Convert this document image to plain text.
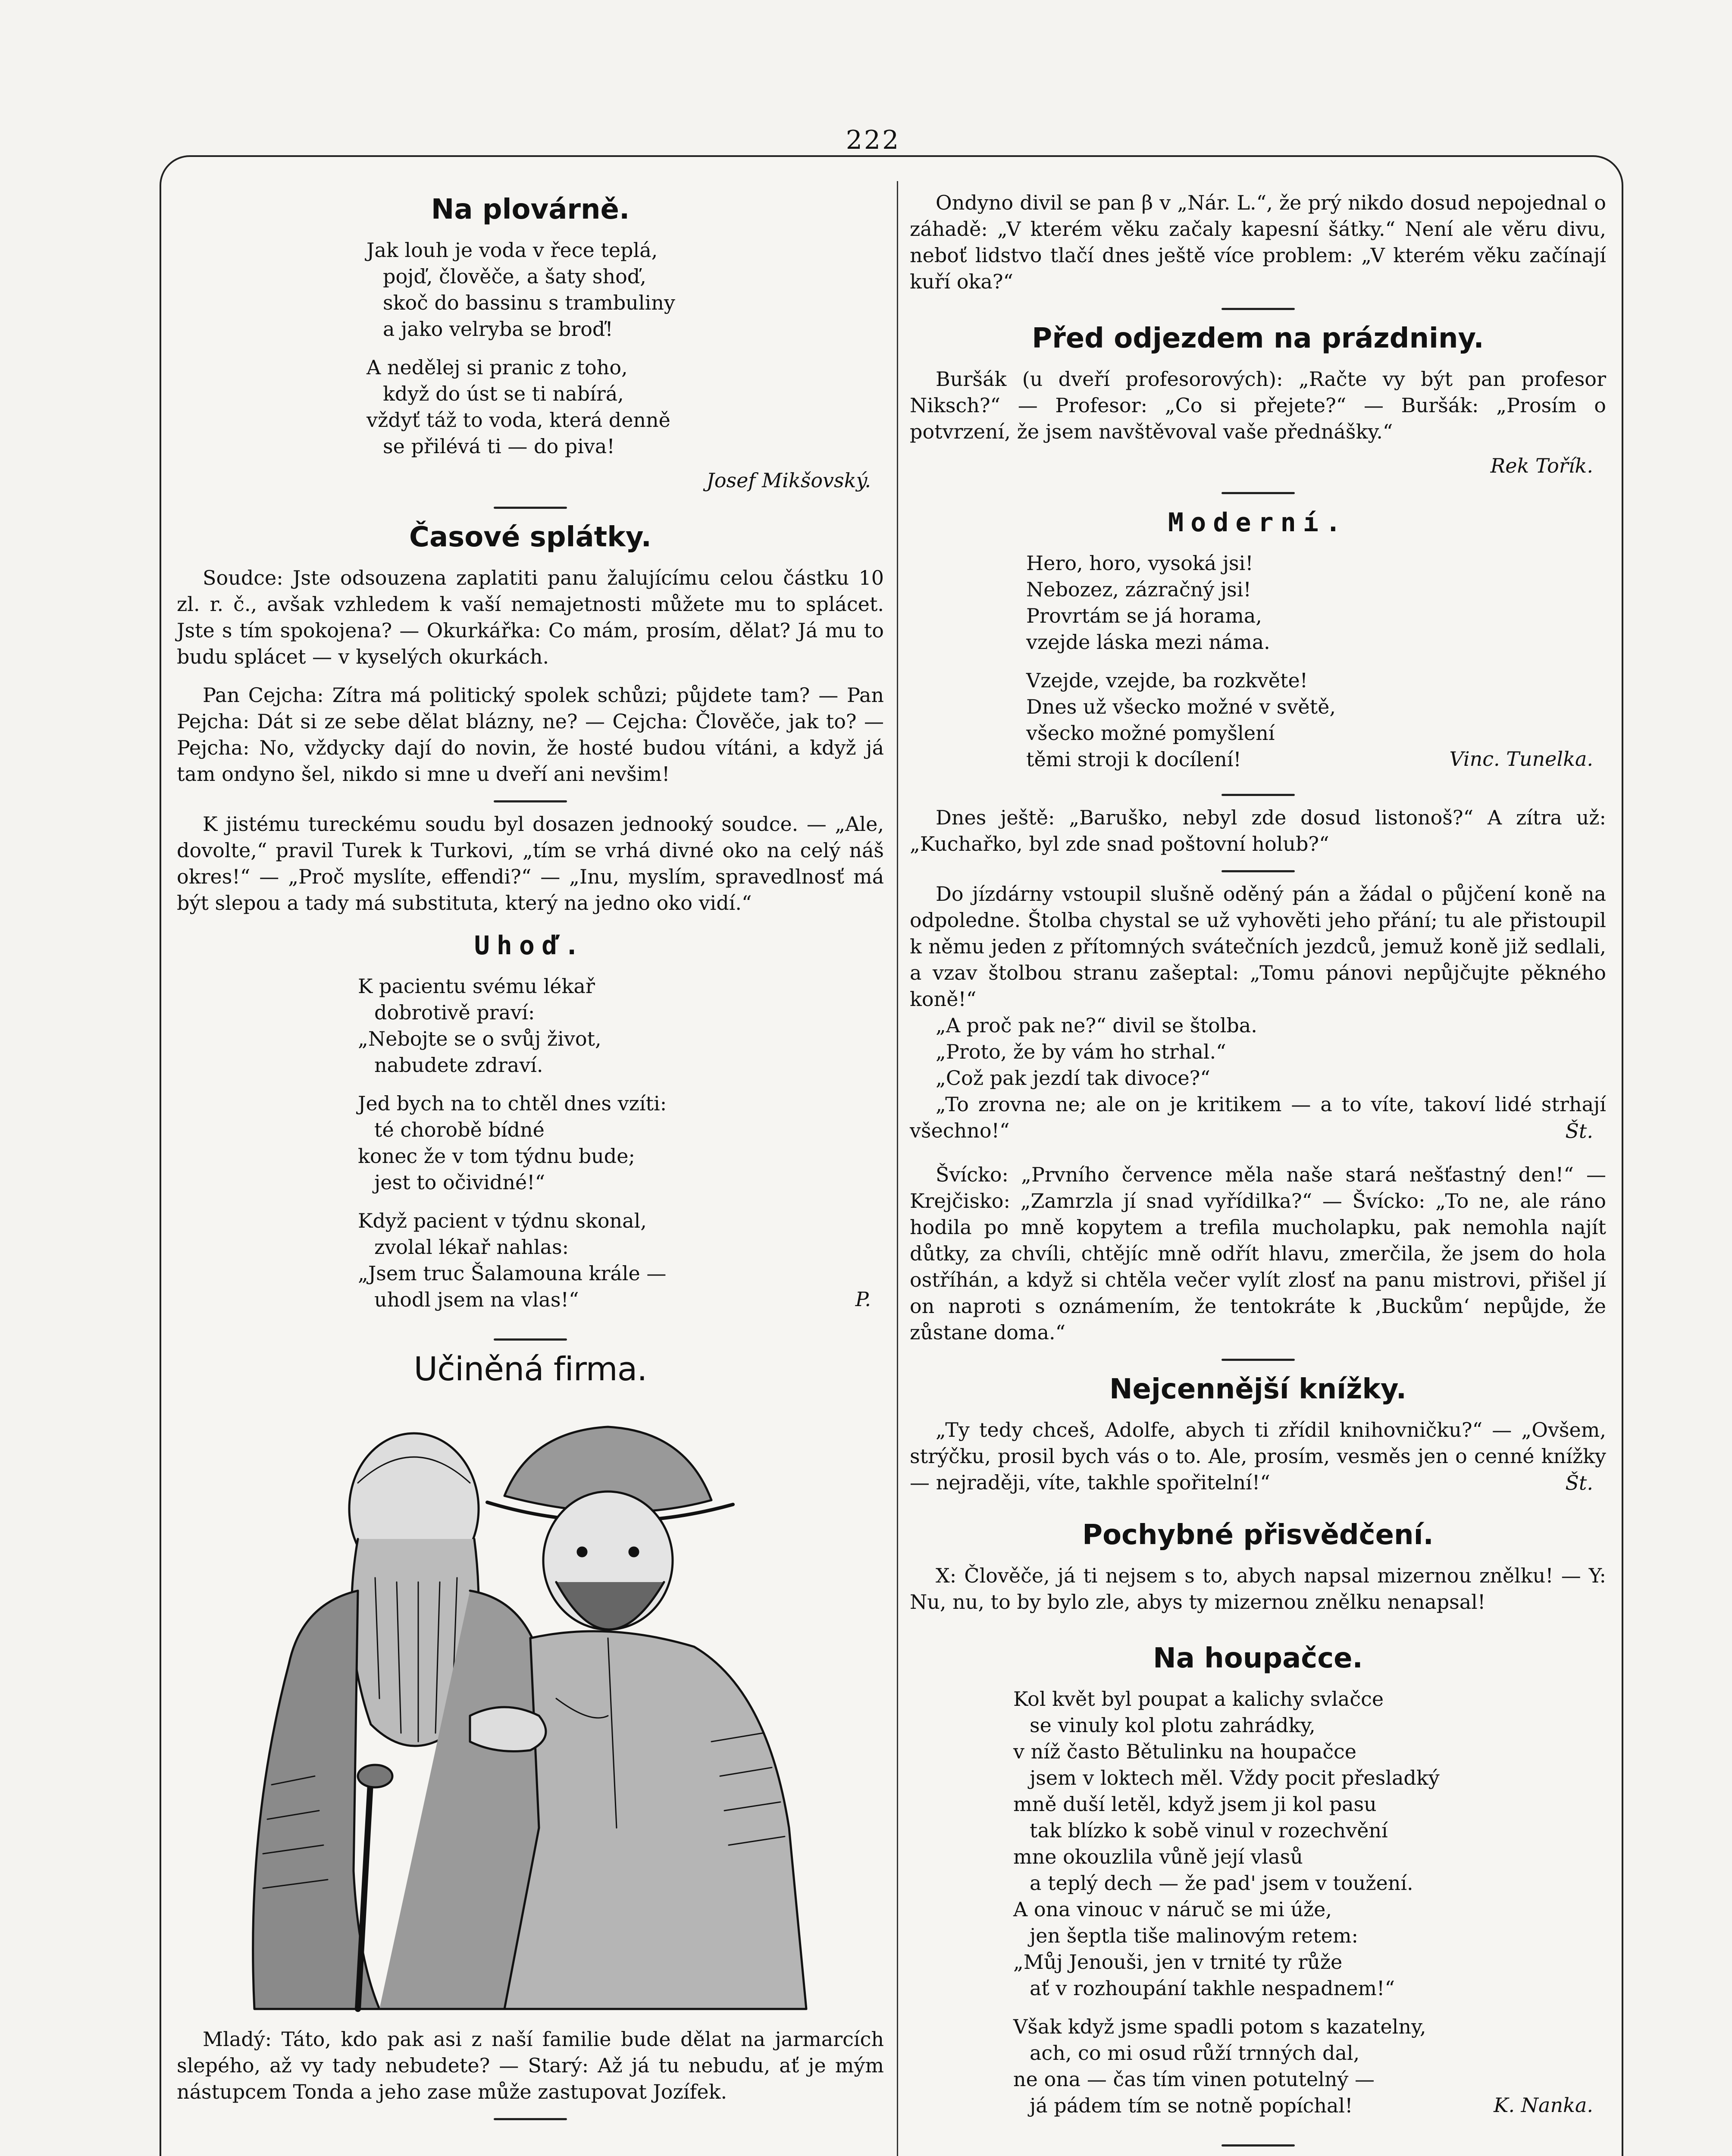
222
Na plovárně.
Jak louh je voda v řece teplá,
pojď, člověče, a šaty shoď,
skoč do bassinu s trambuliny
a jako velryba se broď!
A nedělej si pranic z toho,
když do úst se ti nabírá,
vždyť táž to voda, která denně
se přilévá ti — do piva!
Josef Mikšovský.
Časové splátky.

Soudce: Jste odsouzena zaplatiti panu žalujícímu celou částku 10 zl. r. č., avšak vzhledem k vaší nemajetnosti můžete mu to splácet. Jste s tím spokojena? — Okurkářka: Co mám, prosím, dělat? Já mu to budu splácet — v kyselých okurkách.

Pan Cejcha: Zítra má politický spolek schůzi; půjdete tam? — Pan Pejcha: Dát si ze sebe dělat blázny, ne? — Cejcha: Člověče, jak to? — Pejcha: No, vždycky dají do novin, že hosté budou vítáni, a když já tam ondyno šel, nikdo si mne u dveří ani nevšim!

K jistému tureckému soudu byl dosazen jednooký soudce. — „Ale, dovolte,“ pravil Turek k Turkovi, „tím se vrhá divné oko na celý náš okres!“ — „Proč myslíte, effendi?“ — „Inu, myslím, spravedlnosť má být slepou a tady má substituta, který na jedno oko vidí.“

Uhoď.
K pacientu svému lékař
dobrotivě praví:
„Nebojte se o svůj život,
nabudete zdraví.
Jed bych na to chtěl dnes vzíti:
té chorobě bídné
konec že v tom týdnu bude;
jest to očividné!“
Když pacient v týdnu skonal,
zvolal lékař nahlas:
„Jsem truc Šalamouna krále —
uhodl jsem na vlas!“	P.
Učiněná firma.

Mladý: Táto, kdo pak asi z naší familie bude dělat na jarmarcích slepého, až vy tady nebudete? — Starý: Až já tu nebudu, ať je mým nástupcem Tonda a jeho zase může zastupovat Jozífek.

Ondyno divil se pan β v „Nár. L.“, že prý nikdo dosud nepojednal o záhadě: „V kterém věku začaly kapesní šátky.“ Není ale věru divu, neboť lidstvo tlačí dnes ještě více problem: „V kterém věku začínají kuří oka?“

Před odjezdem na prázdniny.

Buršák (u dveří profesorových): „Račte vy být pan profesor Niksch?“ — Profesor: „Co si přejete?“ — Buršák: „Prosím o potvrzení, že jsem navštěvoval vaše přednášky.“

Rek Tořík.
Moderní.
Hero, horo, vysoká jsi!
Nebozez, zázračný jsi!
Provrtám se já horama,
vzejde láska mezi náma.
Vzejde, vzejde, ba rozkvěte!
Dnes už všecko možné v světě,
všecko možné pomyšlení
těmi stroji k docílení!	Vinc. Tunelka.

Dnes ještě: „Baruško, nebyl zde dosud listonoš?“ A zítra už: „Kuchařko, byl zde snad poštovní holub?“

Do jízdárny vstoupil slušně oděný pán a žádal o půjčení koně na odpoledne. Štolba chystal se už vyhověti jeho přání; tu ale přistoupil k němu jeden z přítomných svátečních jezdců, jemuž koně již sedlali, a vzav štolbou stranu zašeptal: „Tomu pánovi nepůjčujte pěkného koně!“

„A proč pak ne?“ divil se štolba.

„Proto, že by vám ho strhal.“

„Což pak jezdí tak divoce?“

„To zrovna ne; ale on je kritikem — a to víte, takoví lidé strhají všechno!“	Št.

Švícko: „Prvního července měla naše stará nešťastný den!“ — Krejčisko: „Zamrzla jí snad vyřídilka?“ — Švícko: „To ne, ale ráno hodila po mně kopytem a trefila mucholapku, pak nemohla najít důtky, za chvíli, chtějíc mně odřít hlavu, zmerčila, že jsem do hola ostříhán, a když si chtěla večer vylít zlosť na panu mistrovi, přišel jí on naproti s oznámením, že tentokráte k ‚Buckům‘ nepůjde, že zůstane doma.“

Nejcennější knížky.

„Ty tedy chceš, Adolfe, abych ti zřídil knihovničku?“ — „Ovšem, strýčku, prosil bych vás o to. Ale, prosím, vesměs jen o cenné knížky — nejraději, víte, takhle spořitelní!“	Št.
Pochybné přisvědčení.

X: Člověče, já ti nejsem s to, abych napsal mizernou znělku! — Y: Nu, nu, to by bylo zle, abys ty mizernou znělku nenapsal!

Na houpačce.
Kol květ byl poupat a kalichy svlačce
se vinuly kol plotu zahrádky,
v níž často Bětulinku na houpačce
jsem v loktech měl. Vždy pocit přesladký
mně duší letěl, když jsem ji kol pasu
tak blízko k sobě vinul v rozechvění
mne okouzlila vůně její vlasů
a teplý dech — že pad' jsem v toužení.
A ona vinouc v náruč se mi úže,
jen šeptla tiše malinovým retem:
„Můj Jenouši, jen v trnité ty růže
ať v rozhoupání takhle nespadnem!“
Však když jsme spadli potom s kazatelny,
ach, co mi osud růží trnných dal,
ne ona — čas tím vinen potutelný —
já pádem tím se notně popíchal!	K. Nanka.
